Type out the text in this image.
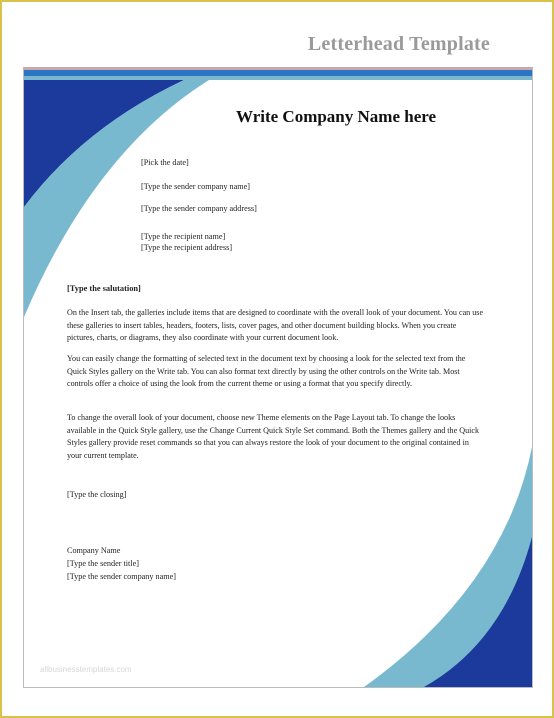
Letterhead Template
Write Company Name here
[Pick the date]
[Type the sender company name]
[Type the sender company address]
[Type the recipient name]
[Type the recipient address]
[Type the salutation]

On the Insert tab, the galleries include items that are designed to coordinate with the overall look of your document. You can use these galleries to insert tables, headers, footers, lists, cover pages, and other document building blocks. When you create pictures, charts, or diagrams, they also coordinate with your current document look.

You can easily change the formatting of selected text in the document text by choosing a look for the selected text from the Quick Styles gallery on the Write tab. You can also format text directly by using the other controls on the Write tab. Most controls offer a choice of using the look from the current theme or using a format that you specify directly.

To change the overall look of your document, choose new Theme elements on the Page Layout tab. To change the looks available in the Quick Style gallery, use the Change Current Quick Style Set command. Both the Themes gallery and the Quick Styles gallery provide reset commands so that you can always restore the look of your document to the original contained in your current template.

[Type the closing]
Company Name
[Type the sender title]
[Type the sender company name]
allbusinesstemplates.com
